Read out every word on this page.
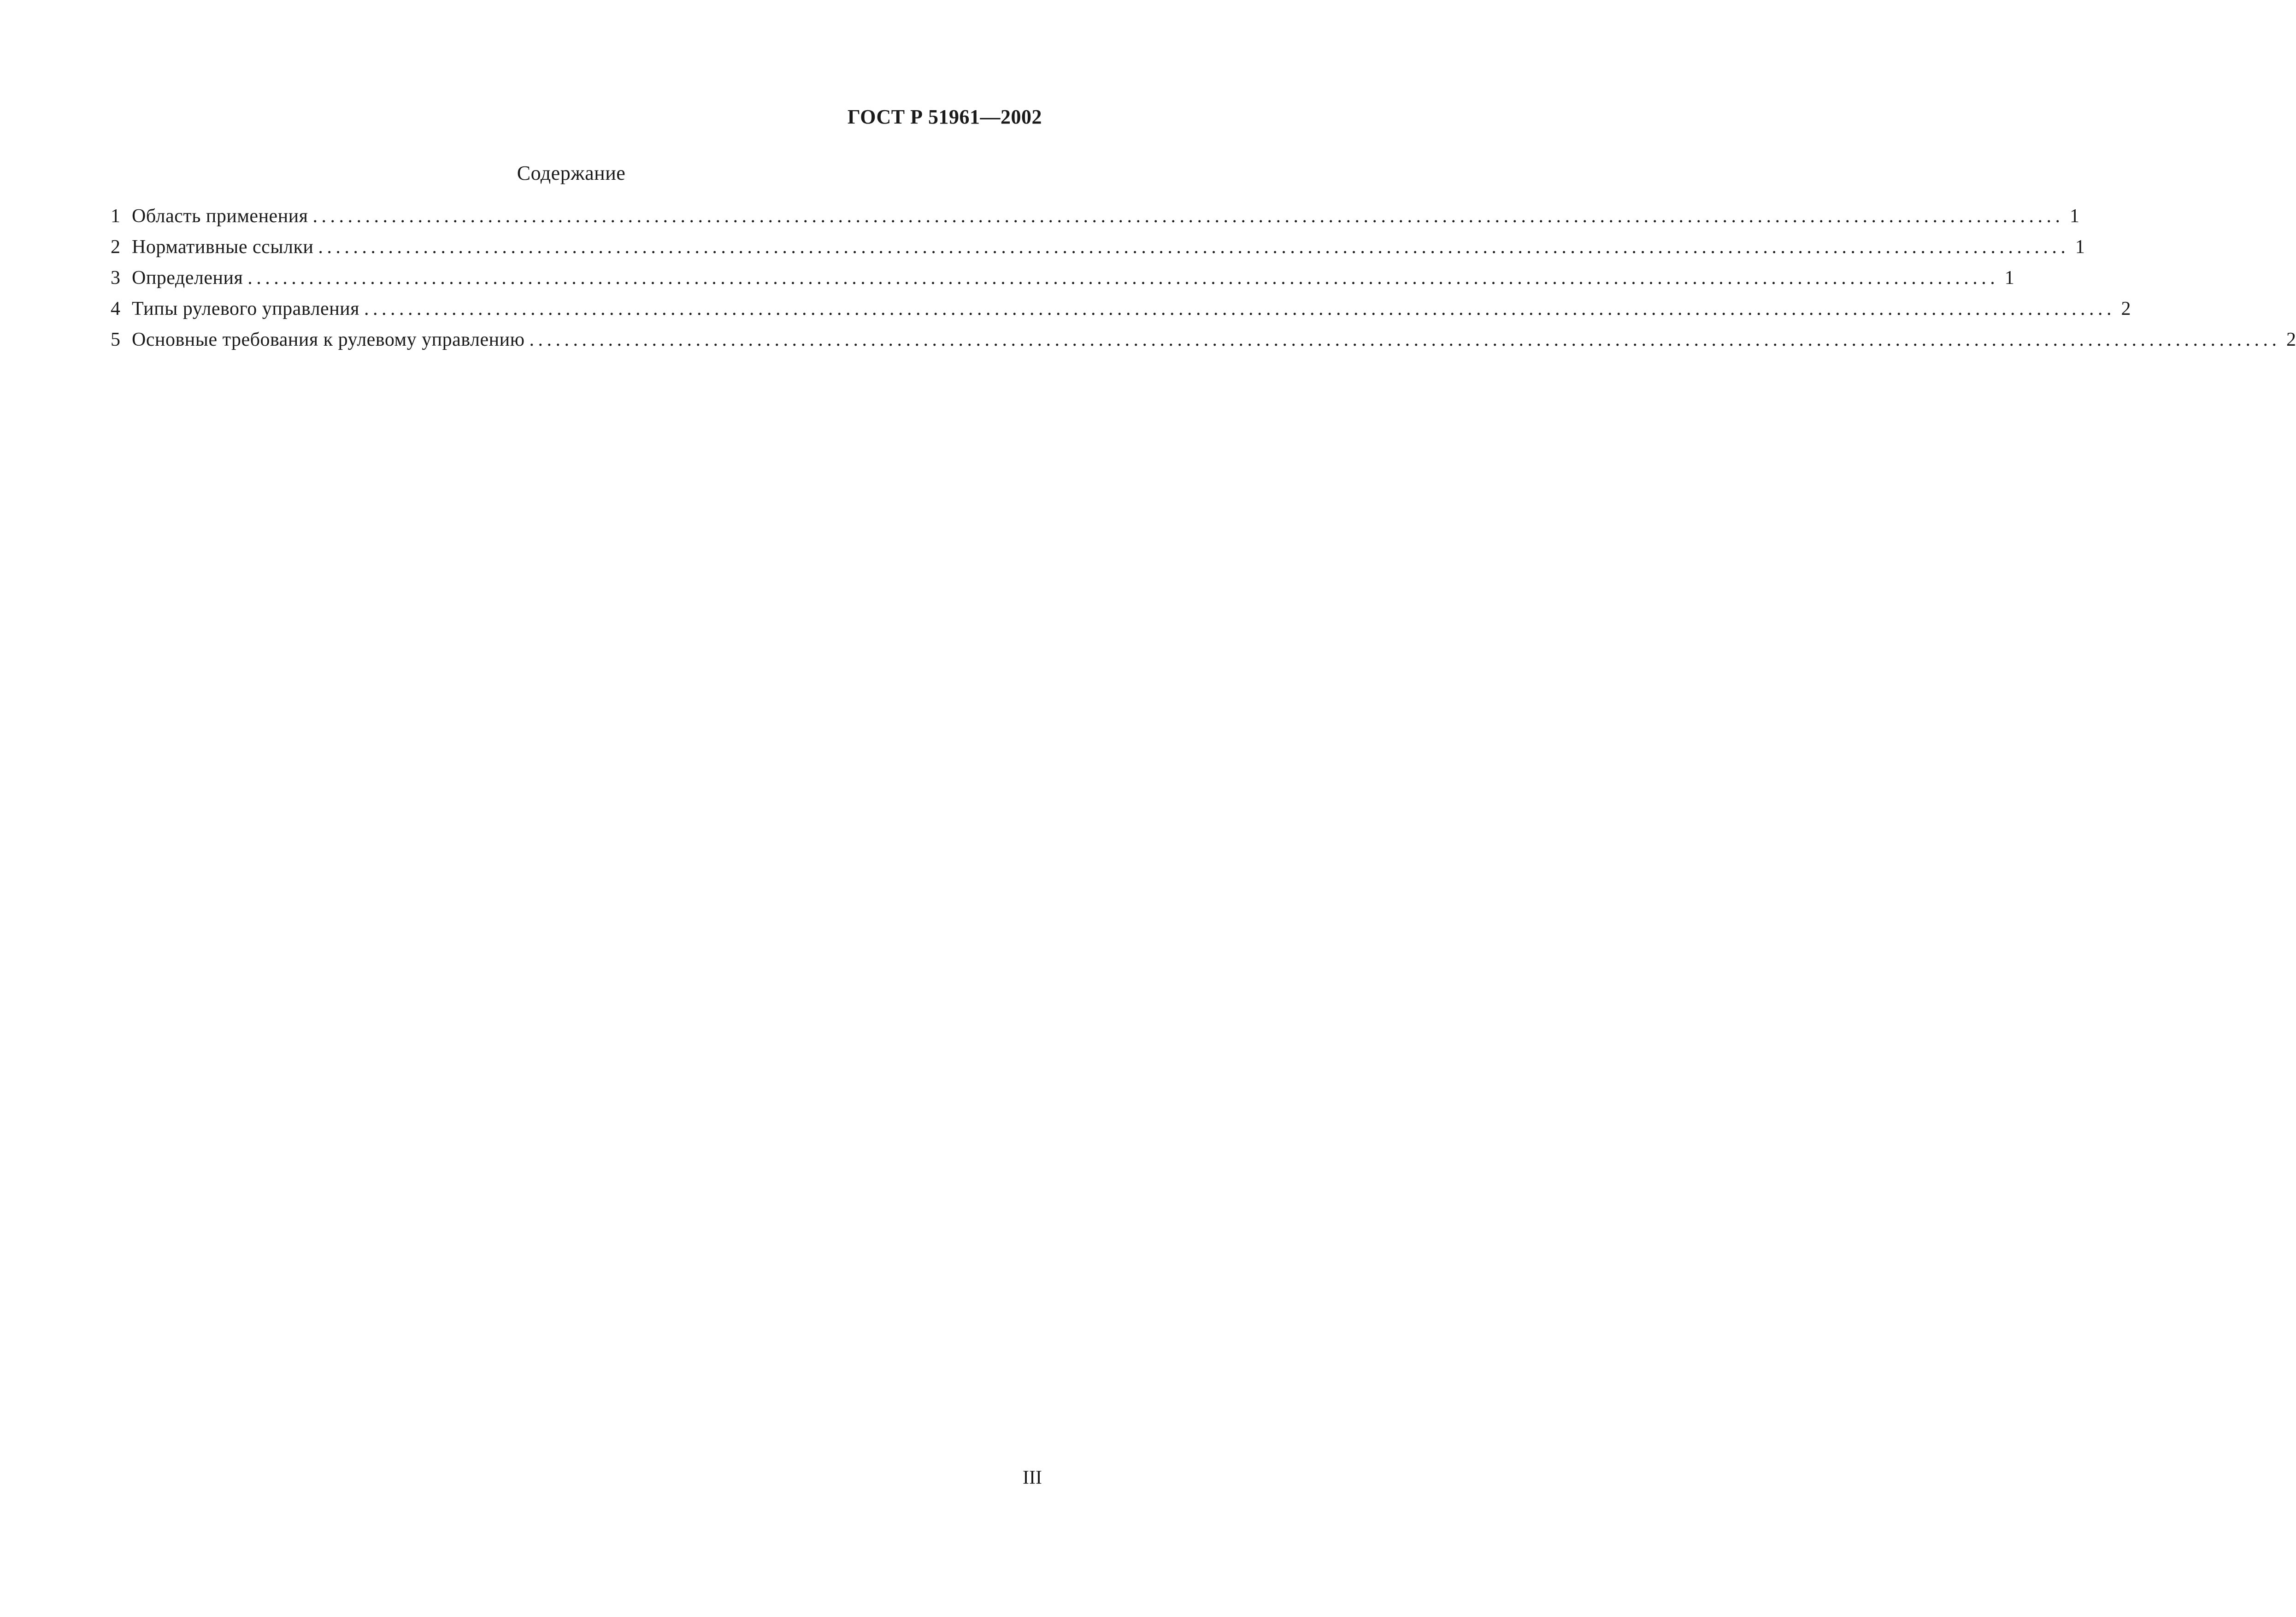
ГОСТ Р 51961—2002
Содержание
1 Область применения ........................................................................................................................................................................................................ 1
2 Нормативные ссылки ........................................................................................................................................................................................................ 1
3 Определения ........................................................................................................................................................................................................ 1
4 Типы рулевого управления ........................................................................................................................................................................................................ 2
5 Основные требования к рулевому управлению ........................................................................................................................................................................................................ 2
III
